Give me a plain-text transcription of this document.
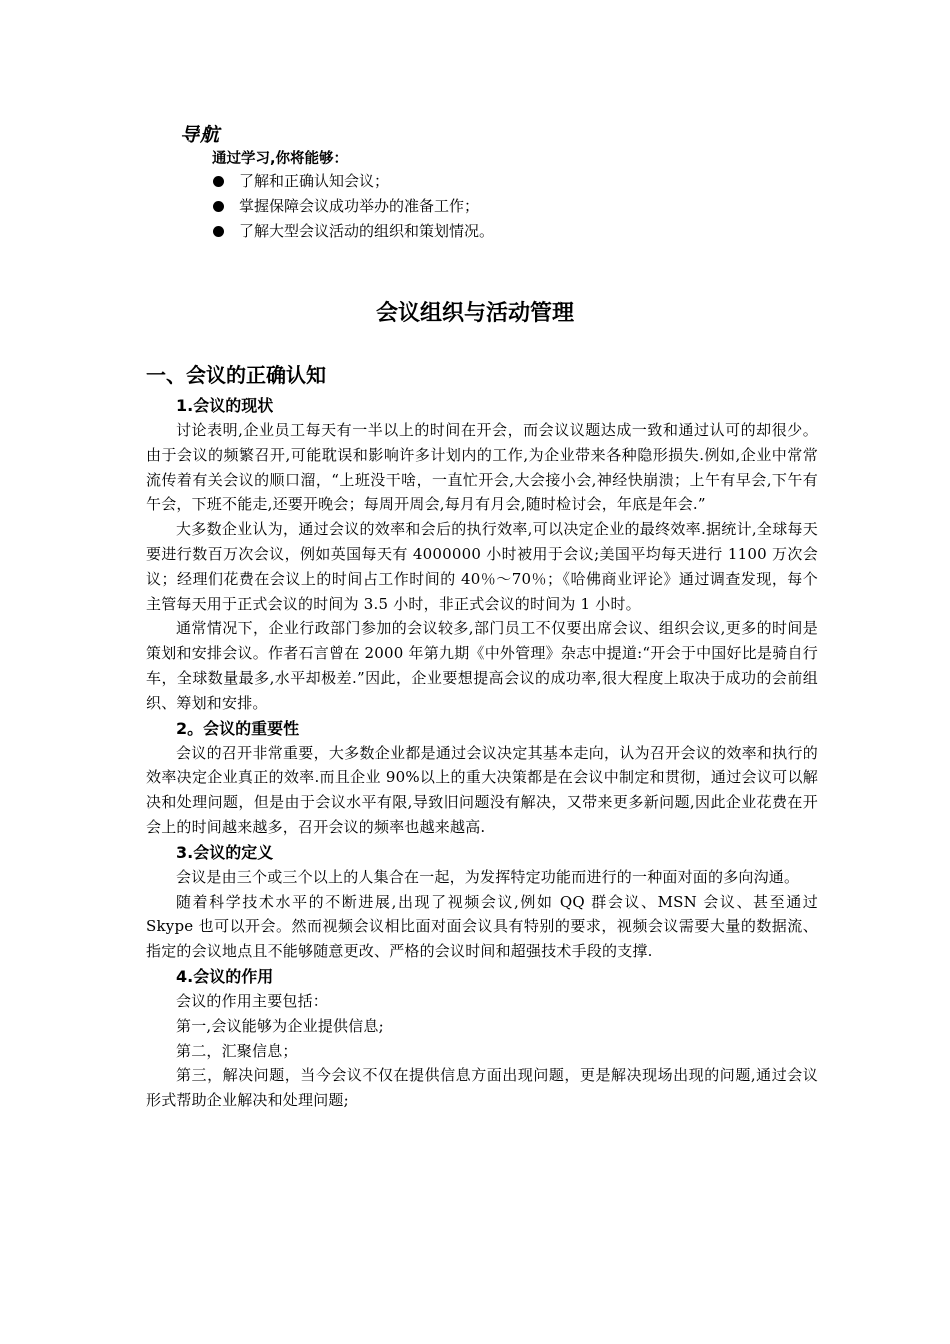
导航
通过学习,你将能够：
了解和正确认知会议；
掌握保障会议成功举办的准备工作；
了解大型会议活动的组织和策划情况。
会议组织与活动管理
一、会议的正确认知
1.会议的现状

讨论表明,企业员工每天有一半以上的时间在开会，而会议议题达成一致和通过认可的却很少。由于会议的频繁召开,可能耽误和影响许多计划内的工作,为企业带来各种隐形损失.例如,企业中常常流传着有关会议的顺口溜，“上班没干啥，一直忙开会,大会接小会,神经快崩溃；上午有早会,下午有午会，下班不能走,还要开晚会；每周开周会,每月有月会,随时检讨会，年底是年会.”

大多数企业认为，通过会议的效率和会后的执行效率,可以决定企业的最终效率.据统计,全球每天要进行数百万次会议，例如英国每天有 4000000 小时被用于会议;美国平均每天进行 1100 万次会议；经理们花费在会议上的时间占工作时间的 40％～70％；《哈佛商业评论》通过调查发现，每个主管每天用于正式会议的时间为 3.5 小时，非正式会议的时间为 1 小时。

通常情况下，企业行政部门参加的会议较多,部门员工不仅要出席会议、组织会议,更多的时间是策划和安排会议。作者石言曾在 2000 年第九期《中外管理》杂志中提道:“开会于中国好比是骑自行车，全球数量最多,水平却极差.”因此，企业要想提高会议的成功率,很大程度上取决于成功的会前组织、筹划和安排。

2。会议的重要性

会议的召开非常重要，大多数企业都是通过会议决定其基本走向，认为召开会议的效率和执行的效率决定企业真正的效率.而且企业 90%以上的重大决策都是在会议中制定和贯彻，通过会议可以解决和处理问题，但是由于会议水平有限,导致旧问题没有解决，又带来更多新问题,因此企业花费在开会上的时间越来越多，召开会议的频率也越来越高.

3.会议的定义

会议是由三个或三个以上的人集合在一起，为发挥特定功能而进行的一种面对面的多向沟通。

随着科学技术水平的不断进展,出现了视频会议,例如 QQ 群会议、MSN 会议、甚至通过 Skype 也可以开会。然而视频会议相比面对面会议具有特别的要求，视频会议需要大量的数据流、指定的会议地点且不能够随意更改、严格的会议时间和超强技术手段的支撑.

4.会议的作用

会议的作用主要包括：

第一,会议能够为企业提供信息;

第二，汇聚信息；

第三，解决问题，当今会议不仅在提供信息方面出现问题，更是解决现场出现的问题,通过会议形式帮助企业解决和处理问题;
